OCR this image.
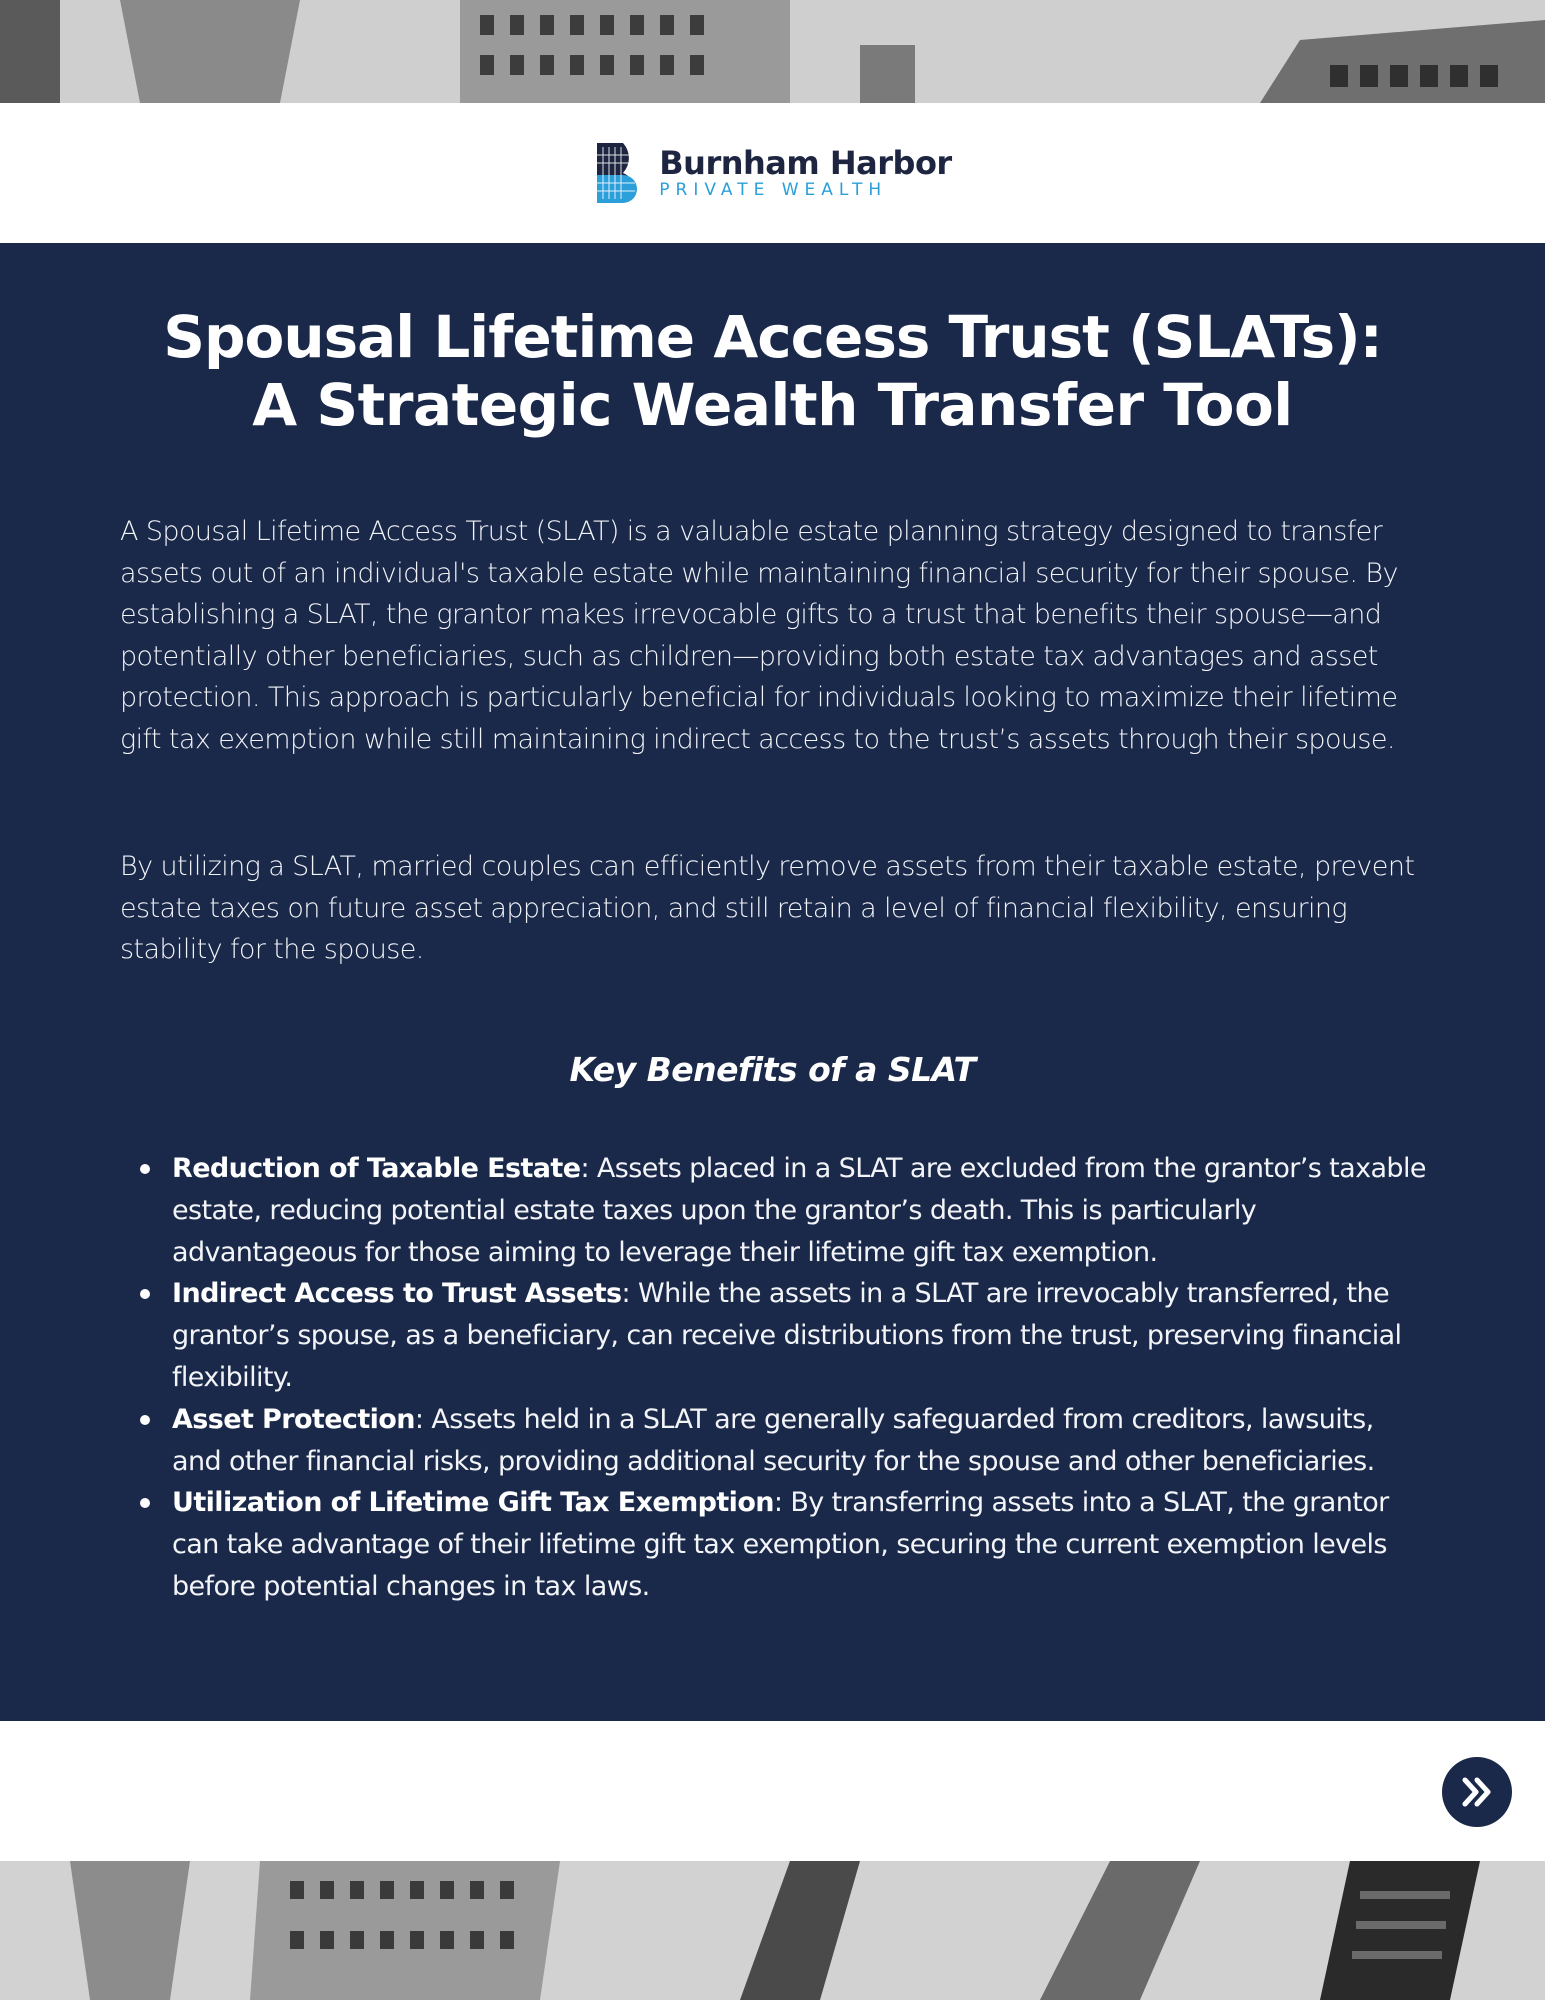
Burnham Harbor
PRIVATE WEALTH
Spousal Lifetime Access Trust (SLATs):
A Strategic Wealth Transfer Tool

A Spousal Lifetime Access Trust (SLAT) is a valuable estate planning strategy designed to transfer assets out of an individual's taxable estate while maintaining financial security for their spouse. By establishing a SLAT, the grantor makes irrevocable gifts to a trust that benefits their spouse—and potentially other beneficiaries, such as children—providing both estate tax advantages and asset protection. This approach is particularly beneficial for individuals looking to maximize their lifetime gift tax exemption while still maintaining indirect access to the trust’s assets through their spouse.

By utilizing a SLAT, married couples can efficiently remove assets from their taxable estate, prevent estate taxes on future asset appreciation, and still retain a level of financial flexibility, ensuring stability for the spouse.

Key Benefits of a SLAT
Reduction of Taxable Estate: Assets placed in a SLAT are excluded from the grantor’s taxable estate, reducing potential estate taxes upon the grantor’s death. This is particularly advantageous for those aiming to leverage their lifetime gift tax exemption.
Indirect Access to Trust Assets: While the assets in a SLAT are irrevocably transferred, the grantor’s spouse, as a beneficiary, can receive distributions from the trust, preserving financial flexibility.
Asset Protection: Assets held in a SLAT are generally safeguarded from creditors, lawsuits, and other financial risks, providing additional security for the spouse and other beneficiaries.
Utilization of Lifetime Gift Tax Exemption: By transferring assets into a SLAT, the grantor can take advantage of their lifetime gift tax exemption, securing the current exemption levels before potential changes in tax laws.
